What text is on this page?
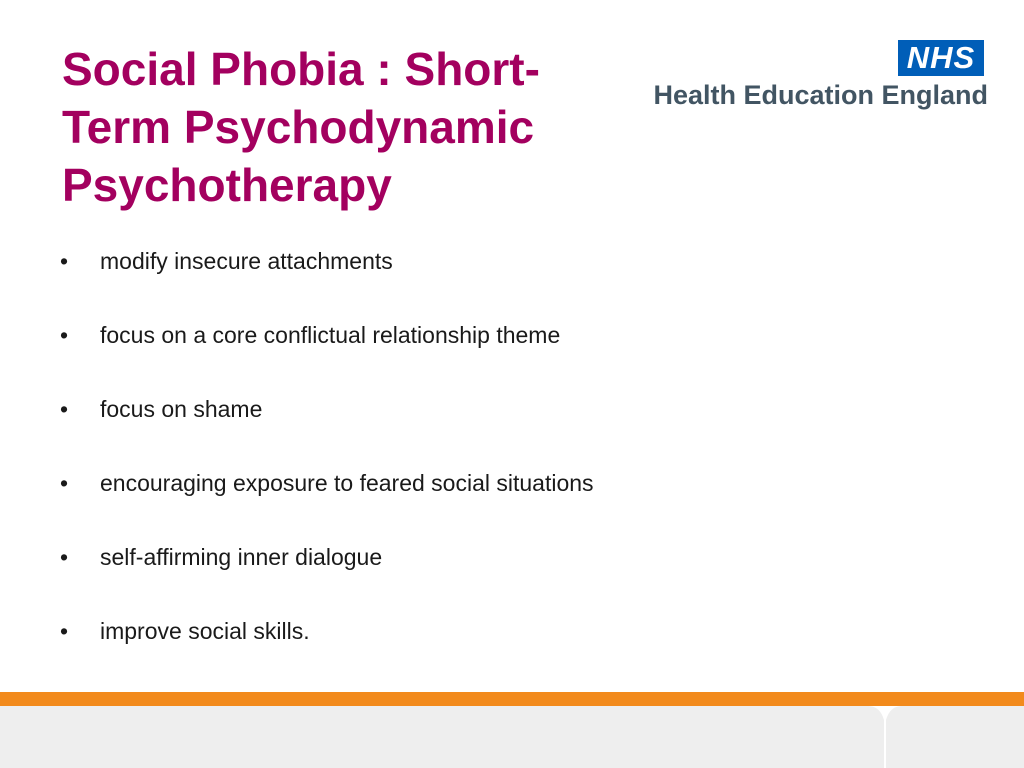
Social Phobia : Short-
Term Psychodynamic
Psychotherapy
NHS
Health Education England
•	modify insecure attachments
•	focus on a core conflictual relationship theme
•	focus on shame
•	encouraging exposure to feared social situations
•	self-affirming inner dialogue
•	improve social skills.
